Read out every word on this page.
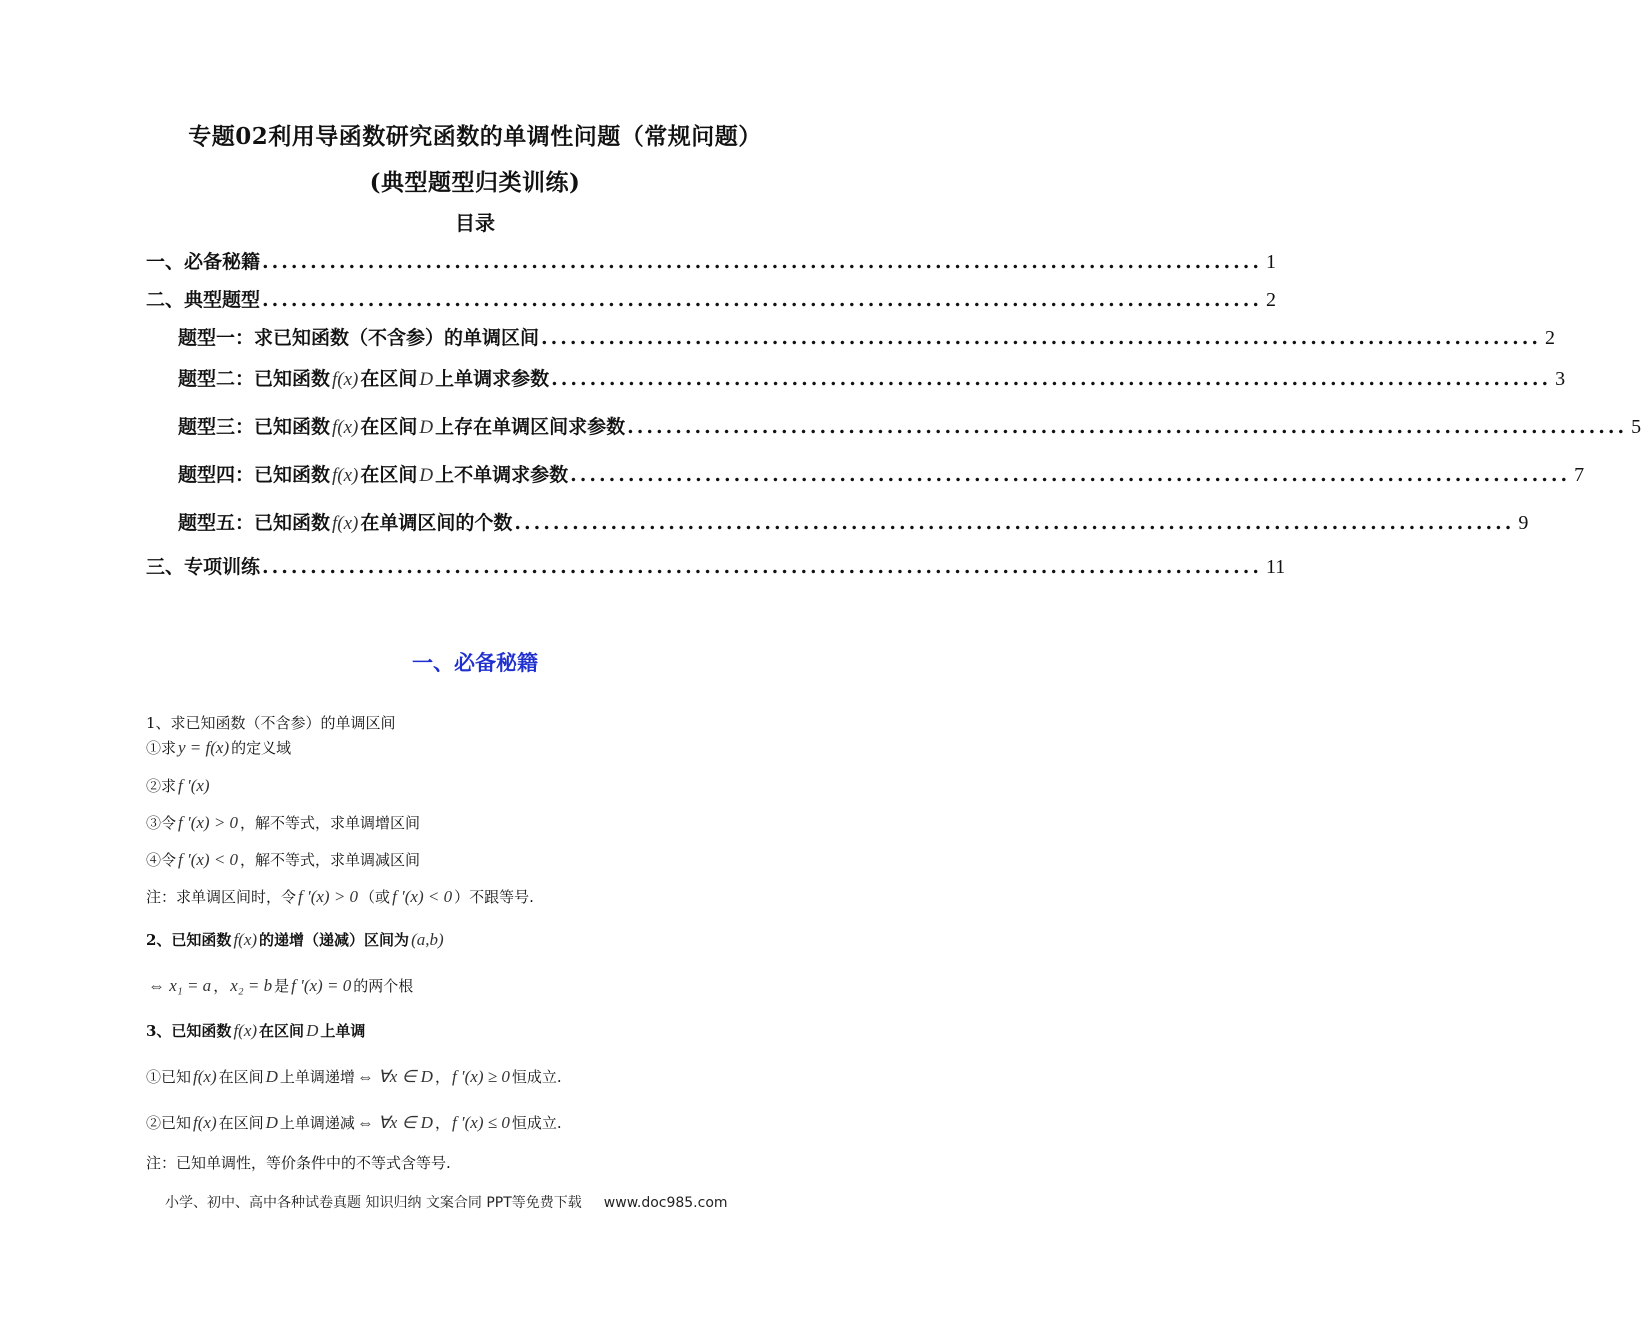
专题02利用导函数研究函数的单调性问题（常规问题）
(典型题型归类训练)
目录
一、必备秘籍 ........................................................................................................ 1
二、典型题型 ........................................................................................................ 2
题型一：求已知函数（不含参）的单调区间 ........................................................................................................ 2
题型二：已知函数 f(x) 在区间 D 上单调求参数 ........................................................................................................ 3
题型三：已知函数 f(x) 在区间 D 上存在单调区间求参数 ........................................................................................................ 5
题型四：已知函数 f(x) 在区间 D 上不单调求参数 ........................................................................................................ 7
题型五：已知函数 f(x) 在单调区间的个数 ........................................................................................................ 9
三、专项训练 ........................................................................................................ 11
一、必备秘籍
1、求已知函数（不含参）的单调区间
①求 y = f(x) 的定义域
②求 f ′(x)
③令 f ′(x) > 0 ，解不等式，求单调增区间
④令 f ′(x) < 0 ，解不等式，求单调减区间
注：求单调区间时，令 f ′(x) > 0 （或 f ′(x) < 0 ）不跟等号.
2、已知函数 f(x) 的递增（递减）区间为 (a,b)
⇔ x₁ = a ， x₂ = b 是 f ′(x) = 0 的两个根
3、已知函数 f(x) 在区间 D 上单调
①已知 f(x) 在区间 D 上单调递增 ⇔ ∀x ∈ D ， f ′(x) ≥ 0 恒成立.
②已知 f(x) 在区间 D 上单调递减 ⇔ ∀x ∈ D ， f ′(x) ≤ 0 恒成立.
注：已知单调性，等价条件中的不等式含等号.
小学、初中、高中各种试卷真题 知识归纳 文案合同 PPT等免费下载 www.doc985.com
